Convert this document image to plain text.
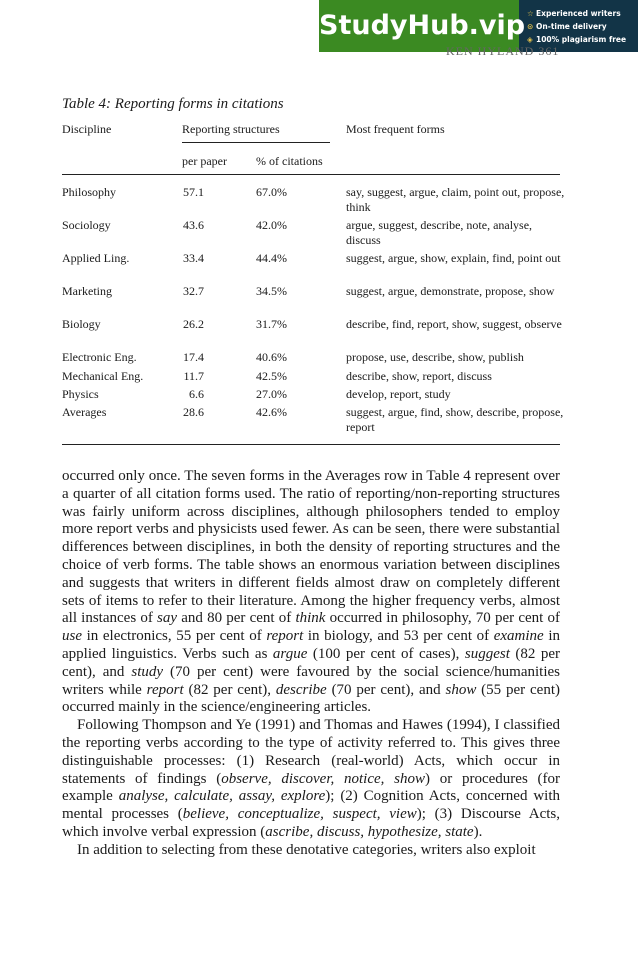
StudyHub.vip ☆ Experienced writers
⊙ On-time delivery
◈ 100% plagiarism free
KEN HYLAND 361
Table 4: Reporting forms in citations
Discipline	Reporting structures	Most frequent forms
per paper % of citations
Philosophy	57.1	67.0%	say, suggest, argue, claim, point out, propose, think
Sociology	43.6	42.0%	argue, suggest, describe, note, analyse, discuss
Applied Ling.	33.4	44.4%	suggest, argue, show, explain, find, point out
Marketing	32.7	34.5%	suggest, argue, demonstrate, propose, show
Biology	26.2	31.7%	describe, find, report, show, suggest, observe
Electronic Eng.	17.4	40.6%	propose, use, describe, show, publish
Mechanical Eng.	11.7	42.5%	describe, show, report, discuss
Physics	6.6	27.0%	develop, report, study
Averages	28.6	42.6%	suggest, argue, find, show, describe, propose, report

occurred only once. The seven forms in the Averages row in Table 4 represent over a quarter of all citation forms used. The ratio of reporting/non-reporting structures was fairly uniform across disciplines, although philosophers tended to employ more report verbs and physicists used fewer. As can be seen, there were substantial differences between disciplines, in both the density of reporting structures and the choice of verb forms. The table shows an enormous variation between disciplines and suggests that writers in different fields almost draw on completely different sets of items to refer to their literature. Among the higher frequency verbs, almost all instances of say and 80 per cent of think occurred in philosophy, 70 per cent of use in electronics, 55 per cent of report in biology, and 53 per cent of examine in applied linguistics. Verbs such as argue (100 per cent of cases), suggest (82 per cent), and study (70 per cent) were favoured by the social science/humanities writers while report (82 per cent), describe (70 per cent), and show (55 per cent) occurred mainly in the science/engineering articles.

Following Thompson and Ye (1991) and Thomas and Hawes (1994), I classified the reporting verbs according to the type of activity referred to. This gives three distinguishable processes: (1) Research (real-world) Acts, which occur in statements of findings (observe, discover, notice, show) or procedures (for example analyse, calculate, assay, explore); (2) Cognition Acts, concerned with mental processes (believe, conceptualize, suspect, view); (3) Discourse Acts, which involve verbal expression (ascribe, discuss, hypothesize, state).

In addition to selecting from these denotative categories, writers also exploit
